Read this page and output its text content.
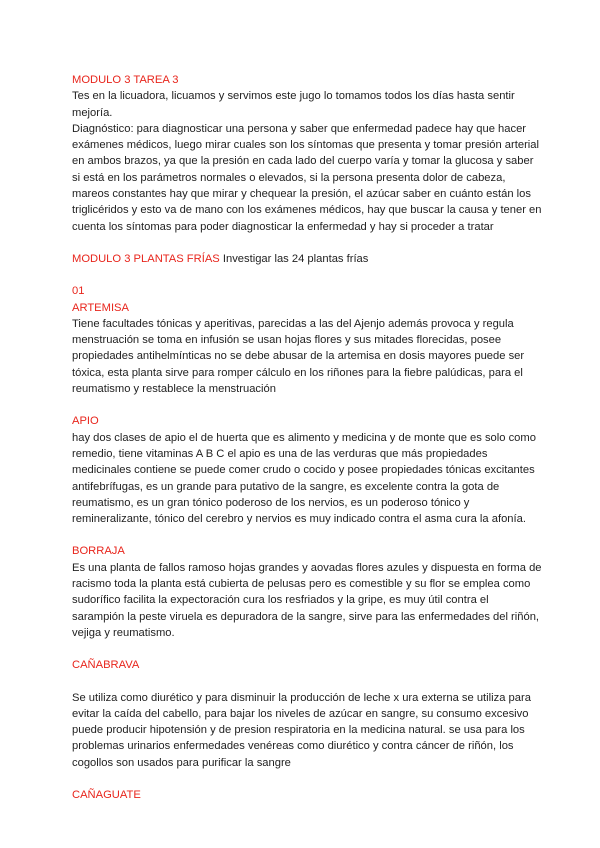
MODULO 3 TAREA 3

Tes en la licuadora, licuamos y servimos este jugo lo tomamos todos los días hasta sentir mejoría.

Diagnóstico: para diagnosticar una persona y saber que enfermedad padece hay que hacer exámenes médicos, luego mirar cuales son los síntomas que presenta y tomar presión arterial en ambos brazos, ya que la presión en cada lado del cuerpo varía y tomar la glucosa y saber si está en los parámetros normales o elevados, si la persona presenta dolor de cabeza, mareos constantes hay que mirar y chequear la presión, el azúcar saber en cuánto están los triglicéridos y esto va de mano con los exámenes médicos, hay que buscar la causa y tener en cuenta los síntomas para poder diagnosticar la enfermedad y hay si proceder a tratar

MODULO 3 PLANTAS FRÍAS Investigar las 24 plantas frías

01

ARTEMISA

Tiene facultades tónicas y aperitivas, parecidas a las del Ajenjo además provoca y regula menstruación se toma en infusión se usan hojas flores y sus mitades florecidas, posee propiedades antihelmínticas no se debe abusar de la artemisa en dosis mayores puede ser tóxica, esta planta sirve para romper cálculo en los riñones para la fiebre palúdicas, para el reumatismo y restablece la menstruación

APIO

hay dos clases de apio el de huerta que es alimento y medicina y de monte que es solo como remedio, tiene vitaminas A B C el apio es una de las verduras que más propiedades medicinales contiene se puede comer crudo o cocido y posee propiedades tónicas excitantes antifebrífugas, es un grande para putativo de la sangre, es excelente contra la gota de reumatismo, es un gran tónico poderoso de los nervios, es un poderoso tónico y remineralizante, tónico del cerebro y nervios es muy indicado contra el asma cura la afonía.

BORRAJA

Es una planta de fallos ramoso hojas grandes y aovadas flores azules y dispuesta en forma de racismo toda la planta está cubierta de pelusas pero es comestible y su flor se emplea como sudorífico facilita la expectoración cura los resfriados y la gripe, es muy útil contra el sarampión la peste viruela es depuradora de la sangre, sirve para las enfermedades del riñón, vejiga y reumatismo.

CAÑABRAVA

Se utiliza como diurético y para disminuir la producción de leche x ura externa se utiliza para evitar la caída del cabello, para bajar los niveles de azúcar en sangre, su consumo excesivo puede producir hipotensión y de presion respiratoria en la medicina natural. se usa para los problemas urinarios enfermedades venéreas como diurético y contra cáncer de riñón, los cogollos son usados para purificar la sangre

CAÑAGUATE
